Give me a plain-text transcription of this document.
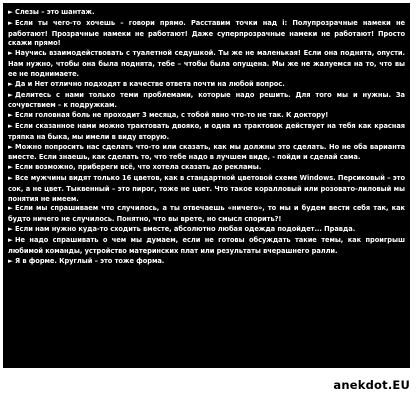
► Слезы – это шантаж.
► Если ты чего-то хочешь – говори прямо. Расставим точки над i: Полупрозрачные намеки не работают! Прозрачные намеки не работают! Даже суперпрозрачные намеки не работают! Просто скажи прямо!
► Научись взаимодействовать с туалетной седушкой. Ты же не маленькая! Если она поднята, опусти. Нам нужно, чтобы она была поднята, тебе – чтобы была опущена. Мы же не жалуемся на то, что вы ее не поднимаете.
► Да и Нет отлично подходят в качестве ответа почти на любой вопрос.
► Делитесь с нами только теми проблемами, которые надо решить. Для того мы и нужны. За сочувствием – к подружкам.
► Если головная боль не проходит 3 месяца, с тобой явно что-то не так. К доктору!
► Если сказанное нами можно трактовать двояко, и одна из трактовок действует на тебя как красная тряпка на быка, мы имели в виду вторую.
► Можно попросить нас сделать что-то или сказать, как мы должны это сделать. Но не оба варианта вместе. Если знаешь, как сделать то, что тебе надо в лучшем виде, - пойди и сделай сама.
► Если возможно, прибереги всё, что хотела сказать до рекламы.
► Все мужчины видят только 16 цветов, как в стандартной цветовой схеме Windows. Персиковый – это сок, а не цвет. Тыквенный – это пирог, тоже не цвет. Что такое коралловый или розовато-лиловый мы понятия не имеем.
► Если мы спрашиваем что случилось, а ты отвечаешь «ничего», то мы и будем вести себя так, как будто ничего не случилось. Понятно, что вы врете, но смысл спорить?!
► Если нам нужно куда-то сходить вместе, абсолютно любая одежда подойдет... Правда.
► Не надо спрашивать о чем мы думаем, если не готовы обсуждать такие темы, как проигрыш любимой команды, устройство материнских плат или результаты вчерашнего ралли.
► Я в форме. Круглый – это тоже форма.
anekdot.EU
